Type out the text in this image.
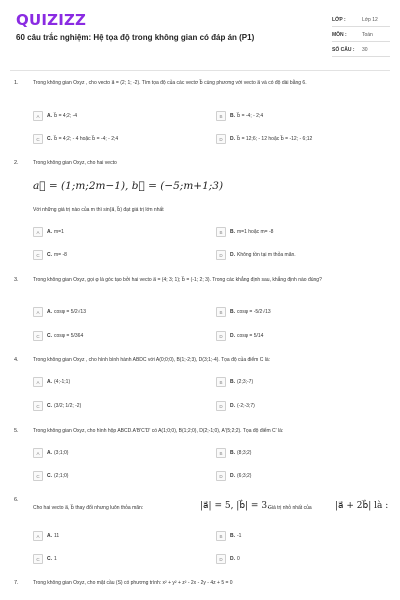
QUIZIZZ
60 câu trắc nghiệm: Hệ tọa độ trong không gian có đáp án (P1)
LỚP :	Lớp 12
MÔN :	Toán
SỐ CÂU :	30
1.	Trong không gian Oxyz , cho vecto a⃗ = (2; 1; -2). Tìm tọa độ của các vectơ b⃗ cùng phương với vecto a⃗ và có độ dài bằng 6.
A	A. b⃗ = 4;2; -4	B	B. b⃗ = -4; - 2;4
C	C. b⃗ = 4;2; - 4 hoặc b⃗ = -4; - 2;4	D	D. b⃗ = 12;6; - 12 hoặc b⃗ = -12; - 6;12
2.	Trong không gian Oxyz, cho hai vecto
a⃗ = (1;m;2m−1), b⃗ = (−5;m+1;3)
Với những giá trị nào của m thì sin(a⃗, b⃗) đạt giá trị lớn nhất
A	A. m=1	B	B. m=1 hoặc m= -8
C	C. m= -8	D	D. Không tồn tại m thỏa mãn.
3.	Trong không gian Oxyz, gọi φ là góc tạo bởi hai vecto a⃗ = (4; 3; 1); b⃗ = (-1; 2; 3). Trong các khẳng định sau, khẳng định nào đúng?
A	A. cosφ = 5/2√13	B	B. cosφ = -5/2√13
C	C. cosφ = 5/364	D	D. cosφ = 5/14
4.	Trong không gian Oxyz , cho hình bình hành ABDC với A(0;0;0), B(1;-2;3), D(3;1;-4). Tọa độ của điểm C là:
A	A. (4;-1;1)	B	B. (2;3;-7)
C	C. (3/2; 1/2; -2)	D	D. (-2;-3;7)
5.	Trong không gian Oxyz, cho hình hộp ABCD.A'B'C'D' có A(1;0;0), B(1;2;0), D(2;-1;0), A'(5;2;2). Tọa độ điểm C' là:
A	A. (3;1;0)	B	B. (8;3;2)
C	C. (2;1;0)	D	D. (6;3;2)
6.
Cho hai vecto a⃗, b⃗ thay đổi nhưng luôn thỏa mãn:	|a⃗| = 5, |b⃗| = 3.
Giá trị nhỏ nhất của	|a⃗ + 2b⃗| là :
A	A. 11	B	B. -1
C	C. 1	D	D. 0
7.	Trong không gian Oxyz, cho mặt cầu (S) có phương trình: x² + y² + z² - 2x - 2y - 4z + 5 = 0
